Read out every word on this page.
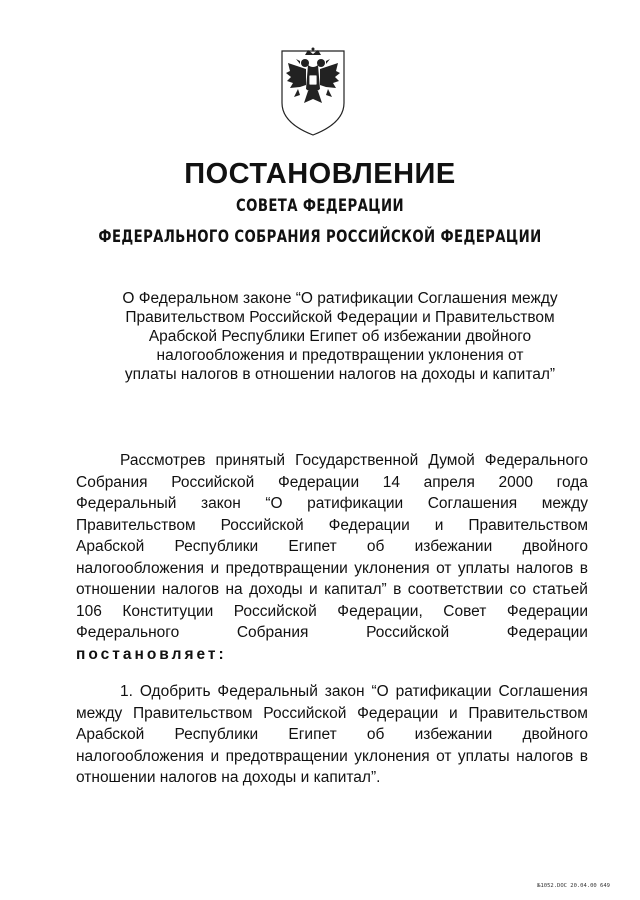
ПОСТАНОВЛЕНИЕ
СОВЕТА ФЕДЕРАЦИИ
ФЕДЕРАЛЬНОГО СОБРАНИЯ РОССИЙСКОЙ ФЕДЕРАЦИИ
О Федеральном законе “О ратификации Соглашения между
Правительством Российской Федерации и Правительством
Арабской Республики Египет об избежании двойного
налогообложения и предотвращении уклонения от
уплаты налогов в отношении налогов на доходы и капитал”
Рассмотрев принятый Государственной Думой Федерального
Собрания Российской Федерации 14 апреля 2000 года
Федеральный закон “О ратификации Соглашения между
Правительством Российской Федерации и Правительством
Арабской Республики Египет об избежании двойного
налогообложения и предотвращении уклонения от уплаты налогов в
отношении налогов на доходы и капитал” в соответствии со статьей
106 Конституции Российской Федерации, Совет Федерации
Федерального	Собрания	Российской	Федерации
постановляет:
1. Одобрить Федеральный закон “О ратификации Соглашения
между Правительством Российской Федерации и Правительством
Арабской Республики Египет об избежании двойного
налогообложения и предотвращении уклонения от уплаты налогов в
отношении налогов на доходы и капитал”.
№1052.DOC 20.04.00 649
